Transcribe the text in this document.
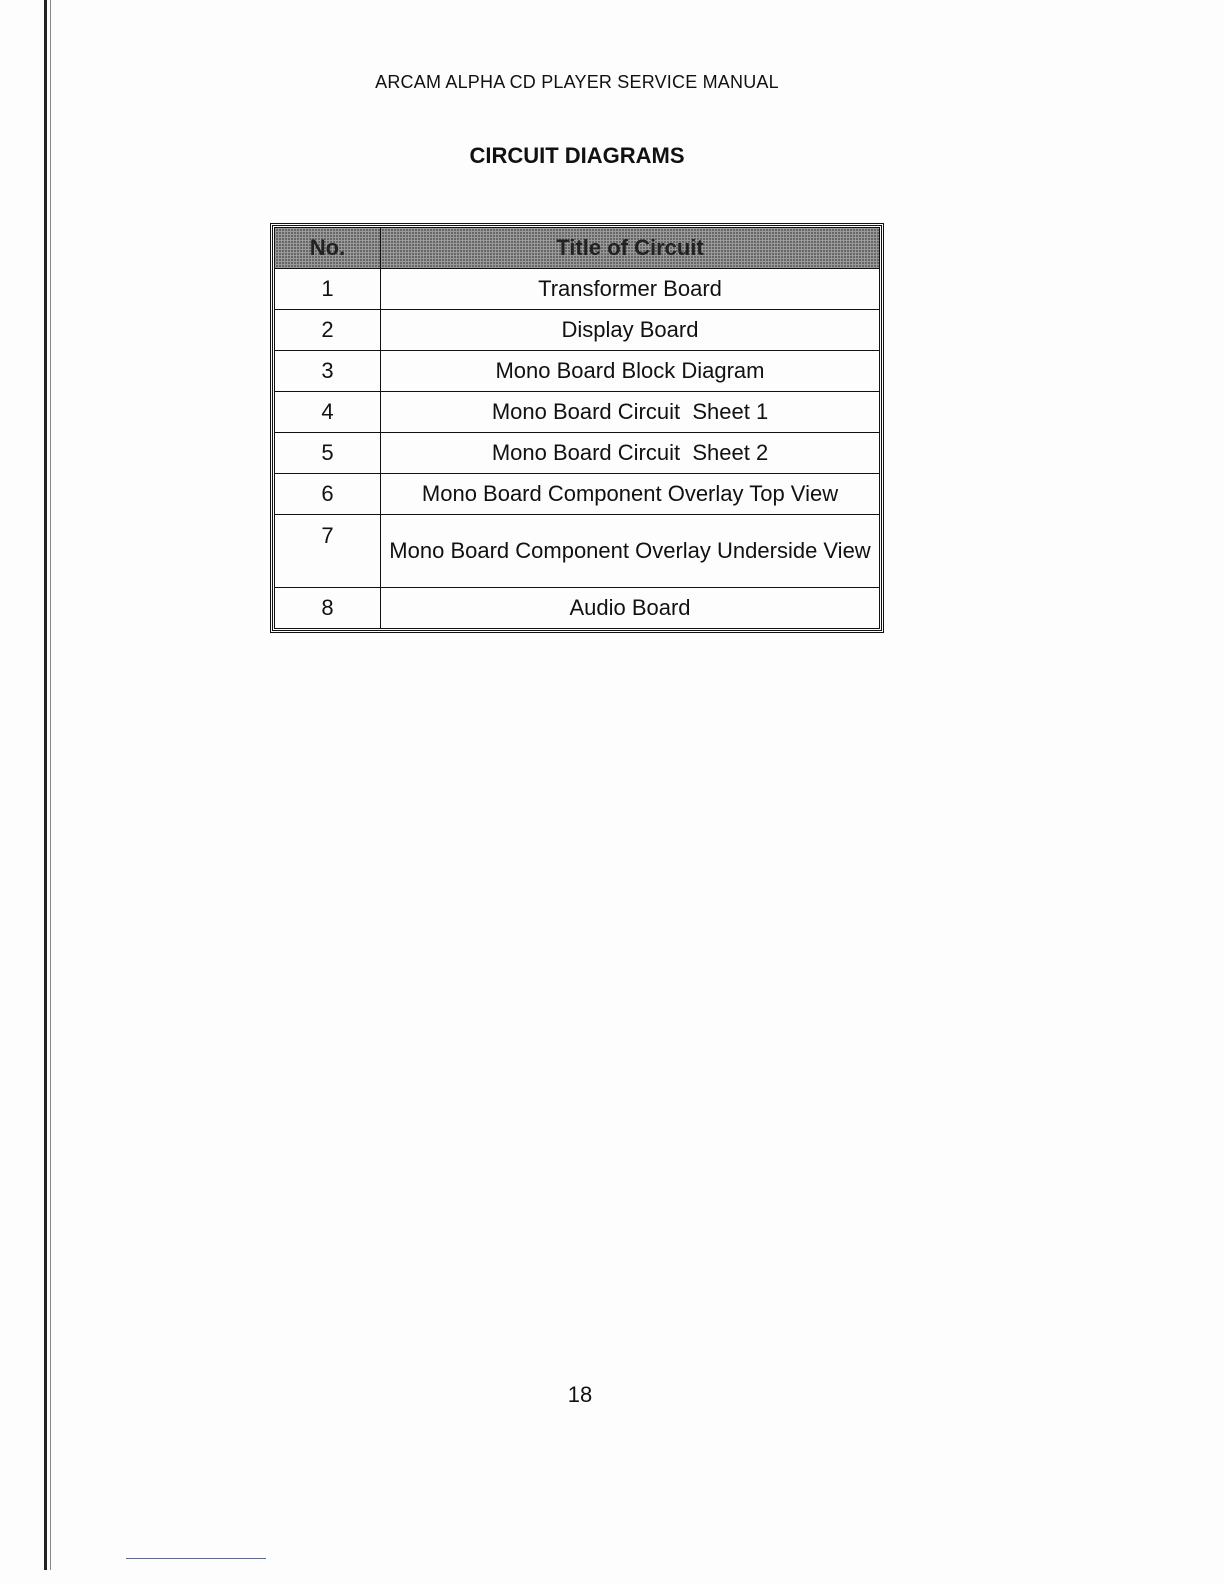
ARCAM ALPHA CD PLAYER SERVICE MANUAL
CIRCUIT DIAGRAMS
No.	Title of Circuit
1	Transformer Board
2	Display Board
3	Mono Board Block Diagram
4	Mono Board Circuit  Sheet 1
5	Mono Board Circuit  Sheet 2
6	Mono Board Component Overlay Top View
7	Mono Board Component Overlay Underside View
8	Audio Board
18
